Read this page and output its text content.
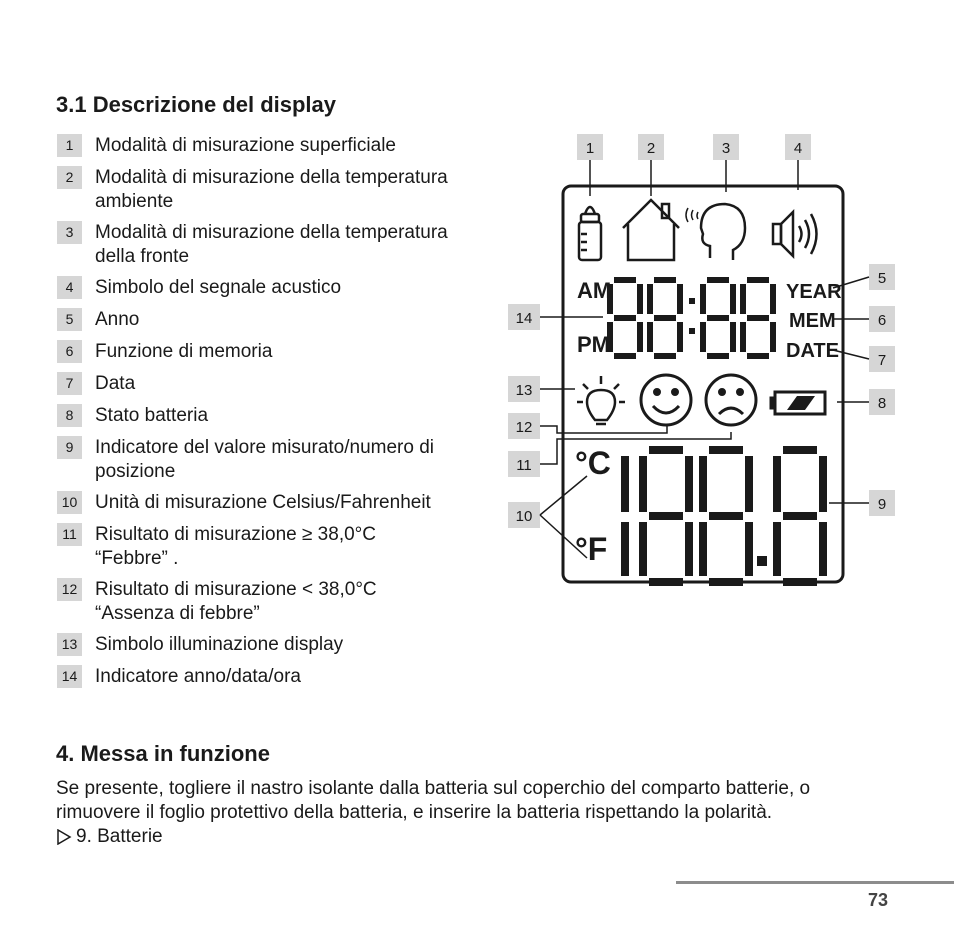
3.1 Descrizione del display
1	Modalità di misurazione superficiale
2	Modalità di misurazione della temperatura
ambiente
3	Modalità di misurazione della temperatura
della fronte
4	Simbolo del segnale acustico
5	Anno
6	Funzione di memoria
7	Data
8	Stato batteria
9	Indicatore del valore misurato/numero di
posizione
10 Unità di misurazione Celsius/Fahrenheit
11 Risultato di misurazione ≥ 38,0°C
“Febbre” .
12 Risultato di misurazione < 38,0°C
“Assenza di febbre”
13 Simbolo illuminazione display
14 Indicatore anno/data/ora
1	2	3	4
5
6
7
8
9
14
13
12
11
10
AM
PM
YEAR
MEM
DATE
°C
°F
4. Messa in funzione
Se presente, togliere il nastro isolante dalla batteria sul coperchio del comparto batterie, o
rimuovere il foglio protettivo della batteria, e inserire la batteria rispettando la polarità.
9. Batterie
73
